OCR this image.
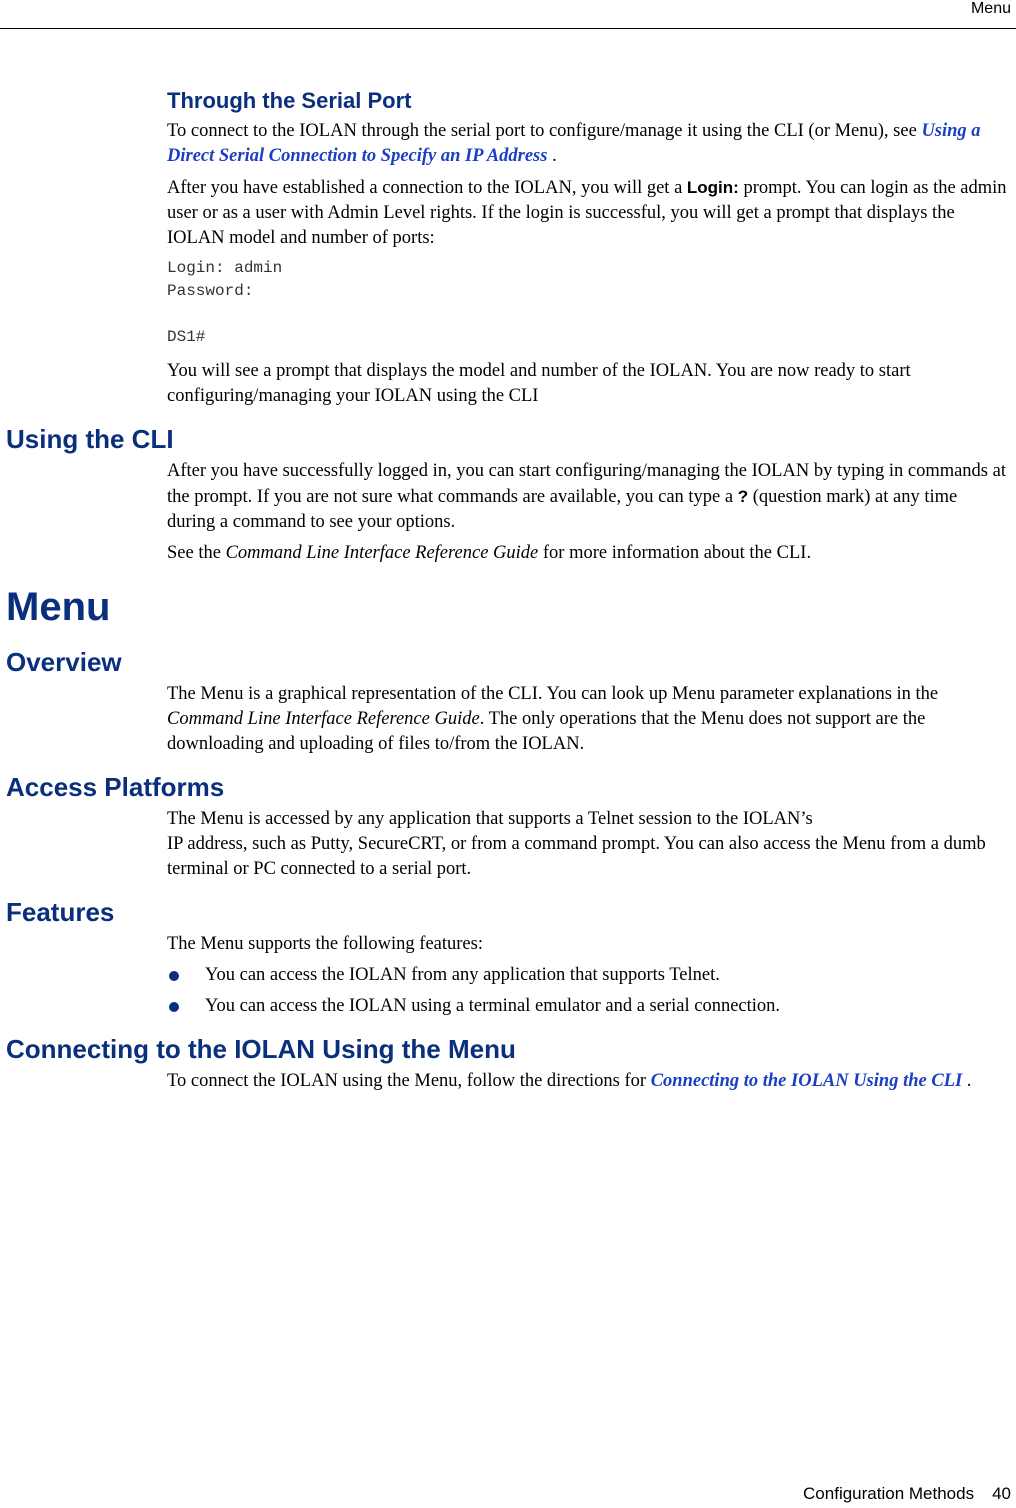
Menu
Through the Serial Port

To connect to the IOLAN through the serial port to configure/manage it using the CLI (or Menu), see Using a Direct Serial Connection to Specify an IP Address .

After you have established a connection to the IOLAN, you will get a Login: prompt. You can login as the admin user or as a user with Admin Level rights. If the login is successful, you will get a prompt that displays the IOLAN model and number of ports:

Login: admin
Password:

DS1#

You will see a prompt that displays the model and number of the IOLAN. You are now ready to start configuring/managing your IOLAN using the CLI

Using the CLI

After you have successfully logged in, you can start configuring/managing the IOLAN by typing in commands at the prompt. If you are not sure what commands are available, you can type a ? (question mark) at any time during a command to see your options.

See the Command Line Interface Reference Guide for more information about the CLI.

Menu
Overview

The Menu is a graphical representation of the CLI. You can look up Menu parameter explanations in the Command Line Interface Reference Guide. The only operations that the Menu does not support are the downloading and uploading of files to/from the IOLAN.

Access Platforms

The Menu is accessed by any application that supports a Telnet session to the IOLAN’s
IP address, such as Putty, SecureCRT, or from a command prompt. You can also access the Menu from a dumb terminal or PC connected to a serial port.

Features

The Menu supports the following features:

You can access the IOLAN from any application that supports Telnet.
You can access the IOLAN using a terminal emulator and a serial connection.
Connecting to the IOLAN Using the Menu

To connect the IOLAN using the Menu, follow the directions for Connecting to the IOLAN Using the CLI .

Configuration Methods 40
